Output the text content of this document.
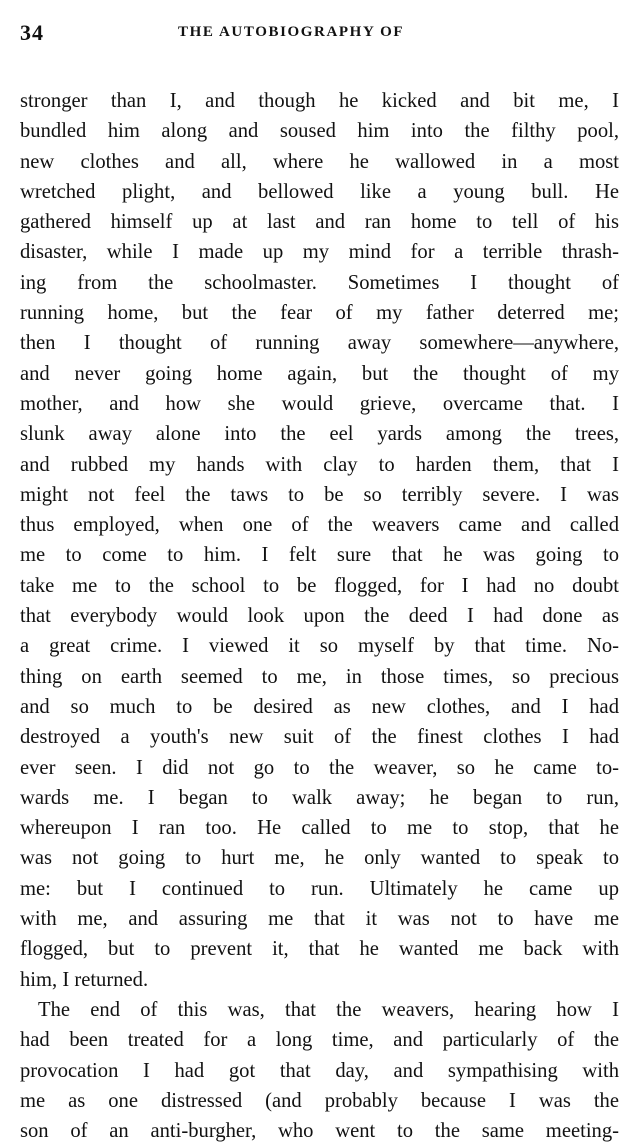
34	THE AUTOBIOGRAPHY OF
stronger than I, and though he kicked and bit me, I
bundled him along and soused him into the filthy pool,
new clothes and all, where he wallowed in a most
wretched plight, and bellowed like a young bull. He
gathered himself up at last and ran home to tell of his
disaster, while I made up my mind for a terrible thrash-
ing from the schoolmaster. Sometimes I thought of
running home, but the fear of my father deterred me;
then I thought of running away somewhere—anywhere,
and never going home again, but the thought of my
mother, and how she would grieve, overcame that. I
slunk away alone into the eel yards among the trees,
and rubbed my hands with clay to harden them, that I
might not feel the taws to be so terribly severe. I was
thus employed, when one of the weavers came and called
me to come to him. I felt sure that he was going to
take me to the school to be flogged, for I had no doubt
that everybody would look upon the deed I had done as
a great crime. I viewed it so myself by that time. No-
thing on earth seemed to me, in those times, so precious
and so much to be desired as new clothes, and I had
destroyed a youth's new suit of the finest clothes I had
ever seen. I did not go to the weaver, so he came to-
wards me. I began to walk away; he began to run,
whereupon I ran too. He called to me to stop, that he
was not going to hurt me, he only wanted to speak to
me: but I continued to run. Ultimately he came up
with me, and assuring me that it was not to have me
flogged, but to prevent it, that he wanted me back with
him, I returned.
The end of this was, that the weavers, hearing how I
had been treated for a long time, and particularly of the
provocation I had got that day, and sympathising with
me as one distressed (and probably because I was the
son of an anti-burgher, who went to the same meeting-
